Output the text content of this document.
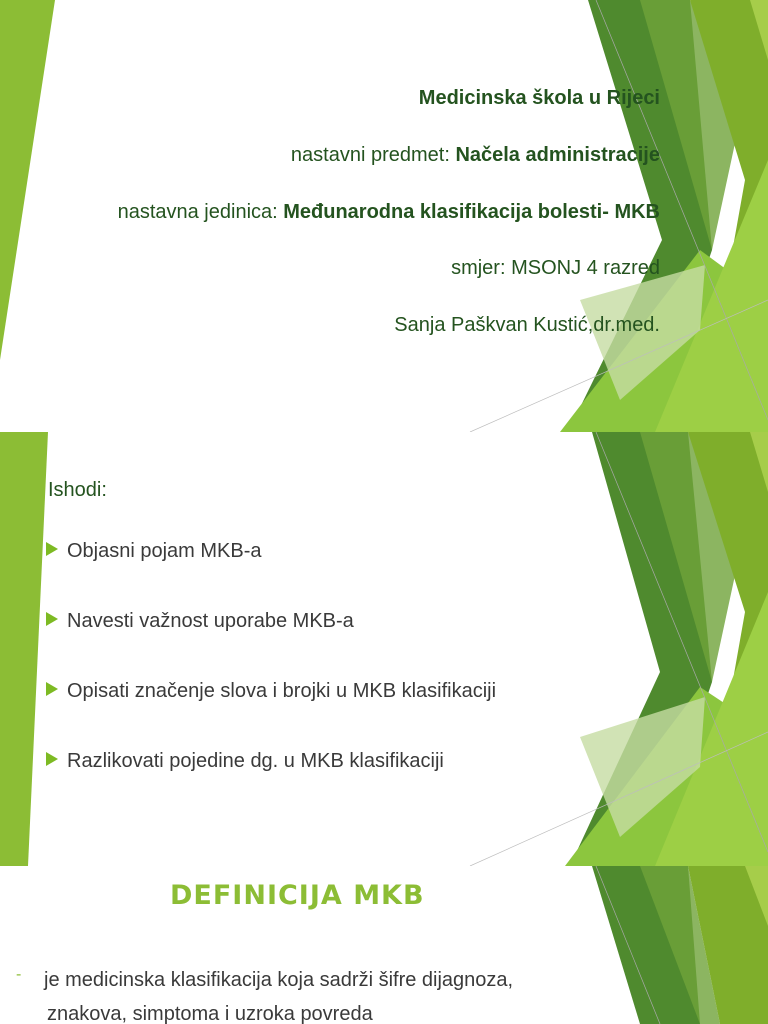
Medicinska škola u Rijeci
nastavni predmet: Načela administracije
nastavna jedinica: Međunarodna klasifikacija bolesti- MKB
smjer: MSONJ 4 razred
Sanja Paškvan Kustić,dr.med.
Ishodi:
Objasni pojam MKB-a
Navesti važnost uporabe MKB-a
Opisati značenje slova i brojki u MKB klasifikaciji
Razlikovati pojedine dg. u MKB klasifikaciji
DEFINICIJA MKB
- je medicinska klasifikacija koja sadrži šifre dijagnoza,
znakova, simptoma i uzroka povreda
